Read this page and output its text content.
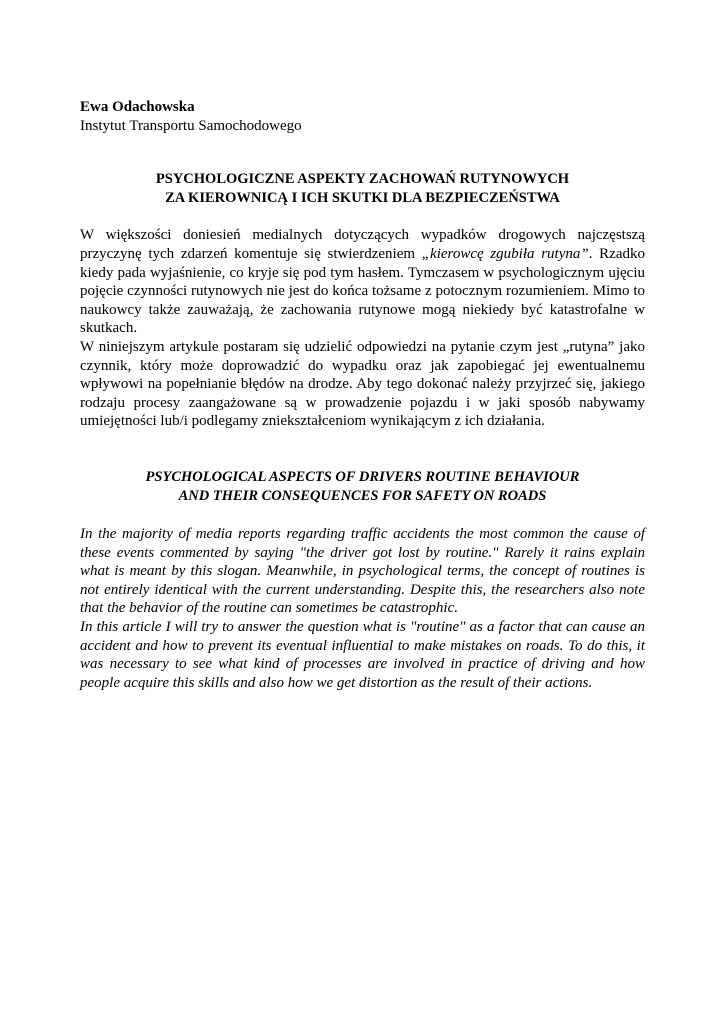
Ewa Odachowska

Instytut Transportu Samochodowego

PSYCHOLOGICZNE ASPEKTY ZACHOWAŃ RUTYNOWYCH
ZA KIEROWNICĄ I ICH SKUTKI DLA BEZPIECZEŃSTWA

W większości doniesień medialnych dotyczących wypadków drogowych najczęstszą przyczynę tych zdarzeń komentuje się stwierdzeniem „kierowcę zgubiła rutyna”. Rzadko kiedy pada wyjaśnienie, co kryje się pod tym hasłem. Tymczasem w psychologicznym ujęciu pojęcie czynności rutynowych nie jest do końca tożsame z potocznym rozumieniem. Mimo to naukowcy także zauważają, że zachowania rutynowe mogą niekiedy być katastrofalne w skutkach.

W niniejszym artykule postaram się udzielić odpowiedzi na pytanie czym jest „rutyna” jako czynnik, który może doprowadzić do wypadku oraz jak zapobiegać jej ewentualnemu wpływowi na popełnianie błędów na drodze. Aby tego dokonać należy przyjrzeć się, jakiego rodzaju procesy zaangażowane są w prowadzenie pojazdu i w jaki sposób nabywamy umiejętności lub/i podlegamy zniekształceniom wynikającym z ich działania.

PSYCHOLOGICAL ASPECTS OF DRIVERS ROUTINE BEHAVIOUR
AND THEIR CONSEQUENCES FOR SAFETY ON ROADS

In the majority of media reports regarding traffic accidents the most common the cause of these events commented by saying "the driver got lost by routine." Rarely it rains explain what is meant by this slogan. Meanwhile, in psychological terms, the concept of routines is not entirely identical with the current understanding. Despite this, the researchers also note that the behavior of the routine can sometimes be catastrophic.

In this article I will try to answer the question what is "routine" as a factor that can cause an accident and how to prevent its eventual influential to make mistakes on roads. To do this, it was necessary to see what kind of processes are involved in practice of driving and how people acquire this skills and also how we get distortion as the result of their actions.
